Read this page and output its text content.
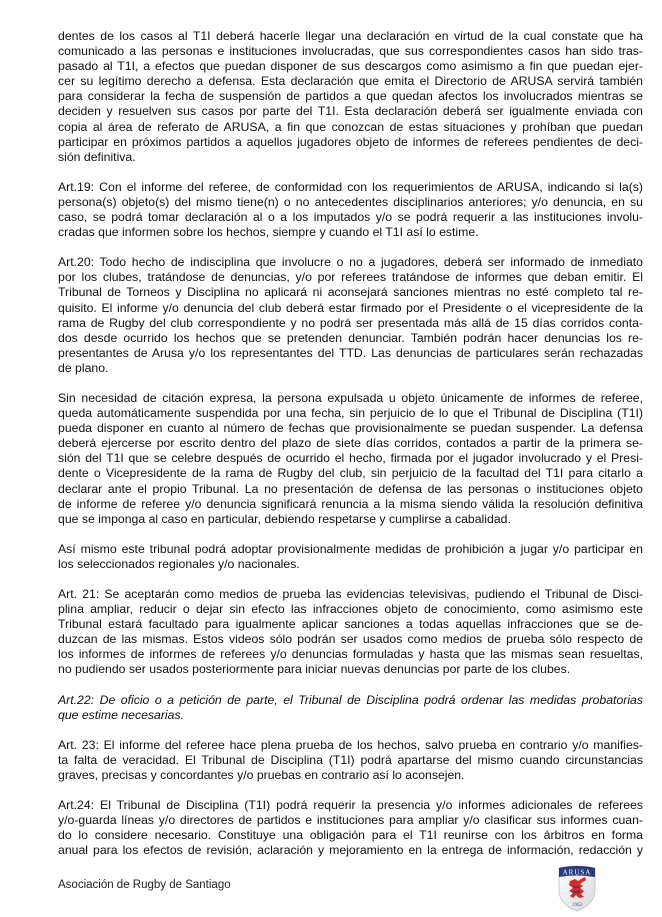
dentes de los casos al T1I deberá hacerle llegar una declaración en virtud de la cual constate que ha
comunicado a las personas e instituciones involucradas, que sus correspondientes casos han sido tras-
pasado al T1I, a efectos que puedan disponer de sus descargos como asimismo a fin que puedan ejer-
cer su legítimo derecho a defensa. Esta declaración que emita el Directorio de ARUSA servirá también
para considerar la fecha de suspensión de partidos a que quedan afectos los involucrados mientras se
deciden y resuelven sus casos por parte del T1I. Esta declaración deberá ser igualmente enviada con
copia al área de referato de ARUSA, a fin que conozcan de estas situaciones y prohíban que puedan
participar en próximos partidos a aquellos jugadores objeto de informes de referees pendientes de deci-
sión definitiva.
Art.19: Con el informe del referee, de conformidad con los requerimientos de ARUSA, indicando si la(s)
persona(s) objeto(s) del mismo tiene(n) o no antecedentes disciplinarios anteriores; y/o denuncia, en su
caso, se podrá tomar declaración al o a los imputados y/o se podrá requerir a las instituciones involu-
cradas que informen sobre los hechos, siempre y cuando el T1I así lo estime.
Art.20: Todo hecho de indisciplina que involucre o no a jugadores, deberá ser informado de inmediato
por los clubes, tratándose de denuncias, y/o por referees tratándose de informes que deban emitir. El
Tribunal de Torneos y Disciplina no aplicará ni aconsejará sanciones mientras no esté completo tal re-
quisito. El informe y/o denuncia del club deberá estar firmado por el Presidente o el vicepresidente de la
rama de Rugby del club correspondiente y no podrá ser presentada más allá de 15 días corridos conta-
dos desde ocurrido los hechos que se pretenden denunciar. También podrán hacer denuncias los re-
presentantes de Arusa y/o los representantes del TTD. Las denuncias de particulares serán rechazadas
de plano.
Sin necesidad de citación expresa, la persona expulsada u objeto únicamente de informes de referee,
queda automáticamente suspendida por una fecha, sin perjuicio de lo que el Tribunal de Disciplina (T1I)
pueda disponer en cuanto al número de fechas que provisionalmente se puedan suspender. La defensa
deberá ejercerse por escrito dentro del plazo de siete días corridos, contados a partir de la primera se-
sión del T1I que se celebre después de ocurrido el hecho, firmada por el jugador involucrado y el Presi-
dente o Vicepresidente de la rama de Rugby del club, sin perjuicio de la facultad del T1I para citarlo a
declarar ante el propio Tribunal. La no presentación de defensa de las personas o instituciones objeto
de informe de referee y/o denuncia significará renuncia a la misma siendo válida la resolución definitiva
que se imponga al caso en particular, debiendo respetarse y cumplirse a cabalidad.
Así mismo este tribunal podrá adoptar provisionalmente medidas de prohibición a jugar y/o participar en
los seleccionados regionales y/o nacionales.
Art. 21: Se aceptarán como medios de prueba las evidencias televisivas, pudiendo el Tribunal de Disci-
plina ampliar, reducir o dejar sin efecto las infracciones objeto de conocimiento, como asimismo este
Tribunal estará facultado para igualmente aplicar sanciones a todas aquellas infracciones que se de-
duzcan de las mismas. Estos videos sólo podrán ser usados como medios de prueba sólo respecto de
los informes de informes de referees y/o denuncias formuladas y hasta que las mismas sean resueltas,
no pudiendo ser usados posteriormente para iniciar nuevas denuncias por parte de los clubes.
Art.22: De oficio o a petición de parte, el Tribunal de Disciplina podrá ordenar las medidas probatorias
que estime necesarias.
Art. 23: El informe del referee hace plena prueba de los hechos, salvo prueba en contrario y/o manifies-
ta falta de veracidad. El Tribunal de Disciplina (T1I) podrá apartarse del mismo cuando circunstancias
graves, precisas y concordantes y/o pruebas en contrario así lo aconsejen.
Art.24: El Tribunal de Disciplina (T1I) podrá requerir la presencia y/o informes adicionales de referees
y/o-guarda líneas y/o directores de partidos e instituciones para ampliar y/o clasificar sus informes cuan-
do lo considere necesario. Constituye una obligación para el T1I reunirse con los árbitros en forma
anual para los efectos de revisión, aclaración y mejoramiento en la entrega de información, redacción y
Asociación de Rugby de Santiago
ARUSA
1963
